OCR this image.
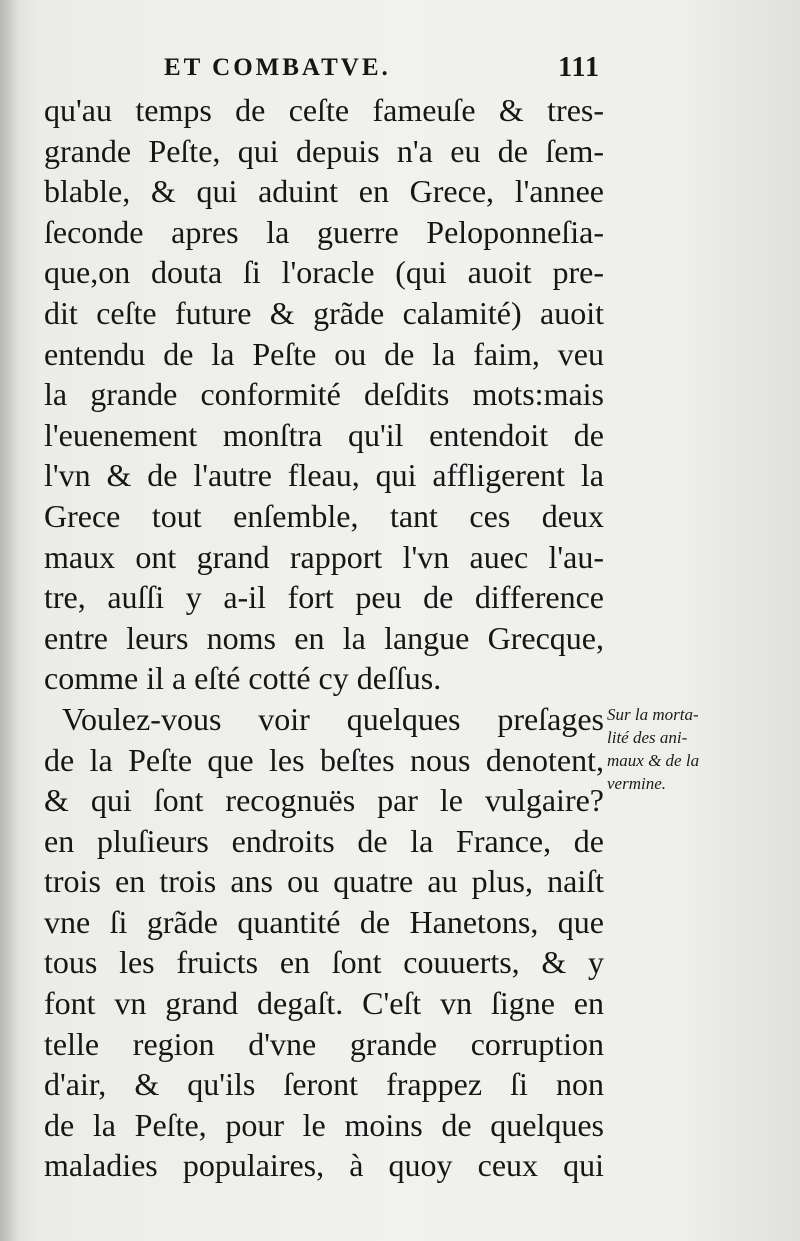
ET COMBATVE.	111
qu'au temps de ceſte fameuſe & tres-
grande Peſte, qui depuis n'a eu de ſem-
blable, & qui aduint en Grece, l'annee
ſeconde apres la guerre Peloponneſia-
que,on douta ſi l'oracle (qui auoit pre-
dit ceſte future & grãde calamité) auoit
entendu de la Peſte ou de la faim, veu
la grande conformité deſdits mots:mais
l'euenement monſtra qu'il entendoit de
l'vn & de l'autre fleau, qui affligerent la
Grece tout enſemble, tant ces deux
maux ont grand rapport l'vn auec l'au-
tre, auſſi y a-il fort peu de difference
entre leurs noms en la langue Grecque,
comme il a eſté cotté cy deſſus.
Voulez-vous voir quelques preſages
de la Peſte que les beſtes nous denotent,
& qui ſont recognuës par le vulgaire?
en pluſieurs endroits de la France, de
trois en trois ans ou quatre au plus, naiſt
vne ſi grãde quantité de Hanetons, que
tous les fruicts en ſont couuerts, & y
font vn grand degaſt. C'eſt vn ſigne en
telle region d'vne grande corruption
d'air, & qu'ils ſeront frappez ſi non
de la Peſte, pour le moins de quelques
maladies populaires, à quoy ceux qui
Sur la morta-
lité des ani-
maux & de la
vermine.
